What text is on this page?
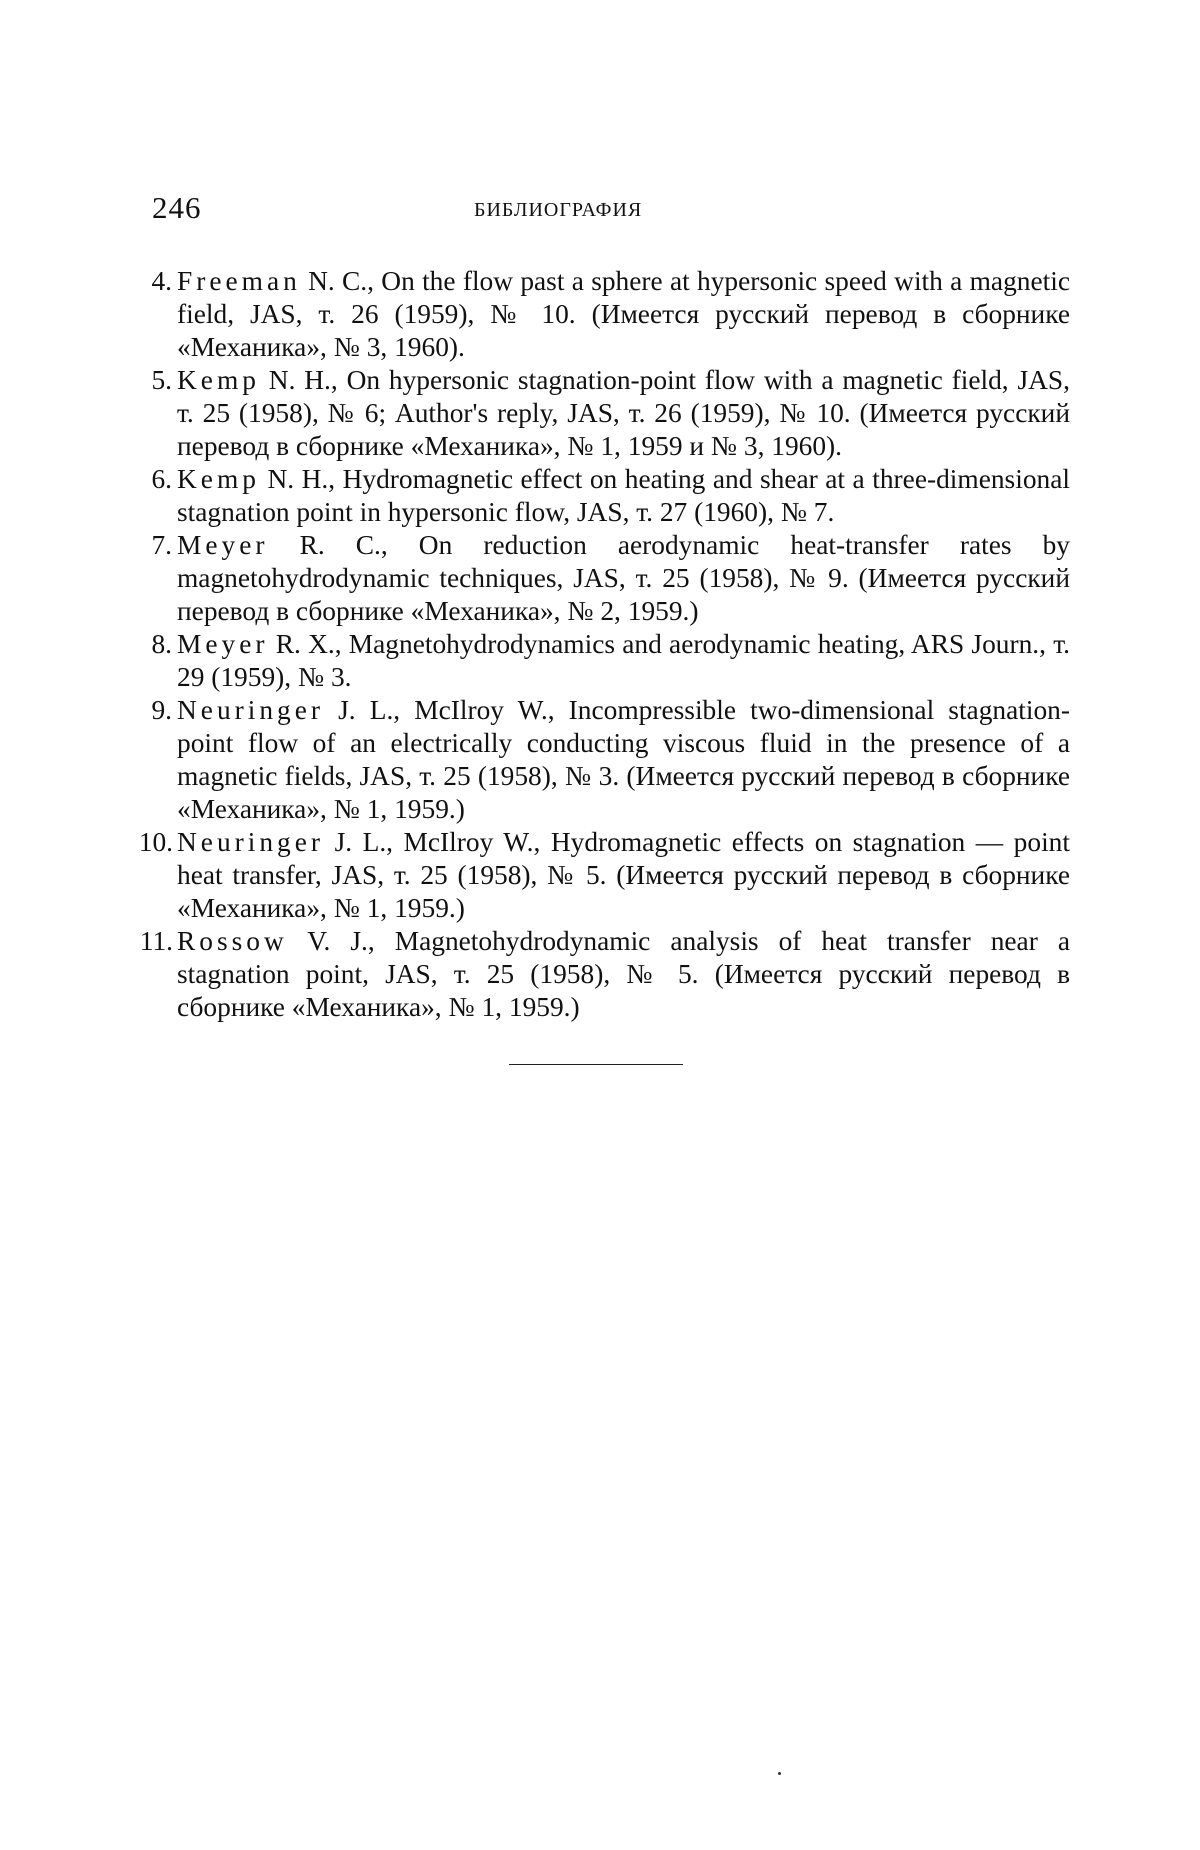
246	БИБЛИОГРАФИЯ
4. Freeman N. C., On the flow past a sphere at hypersonic speed with a magnetic field, JAS, т. 26 (1959), № 10. (Имеется русский перевод в сборнике «Механика», № 3, 1960).
5. Kemp N. H., On hypersonic stagnation-point flow with a magnetic field, JAS, т. 25 (1958), № 6; Author's reply, JAS, т. 26 (1959), № 10. (Имеется русский перевод в сборнике «Механика», № 1, 1959 и № 3, 1960).
6. Kemp N. H., Hydromagnetic effect on heating and shear at a three-dimensional stagnation point in hypersonic flow, JAS, т. 27 (1960), № 7.
7. Meyer R. C., On reduction aerodynamic heat-transfer rates by magnetohydrodynamic techniques, JAS, т. 25 (1958), № 9. (Имеется русский перевод в сборнике «Механика», № 2, 1959.)
8. Meyer R. X., Magnetohydrodynamics and aerodynamic heating, ARS Journ., т. 29 (1959), № 3.
9. Neuringer J. L., McIlroy W., Incompressible two-dimensional stagnation-point flow of an electrically conducting viscous fluid in the presence of a magnetic fields, JAS, т. 25 (1958), № 3. (Имеется русский перевод в сборнике «Механика», № 1, 1959.)
10. Neuringer J. L., McIlroy W., Hydromagnetic effects on stagnation — point heat transfer, JAS, т. 25 (1958), № 5. (Имеется русский перевод в сборнике «Механика», № 1, 1959.)
11. Rossow V. J., Magnetohydrodynamic analysis of heat transfer near a stagnation point, JAS, т. 25 (1958), № 5. (Имеется русский перевод в сборнике «Механика», № 1, 1959.)
